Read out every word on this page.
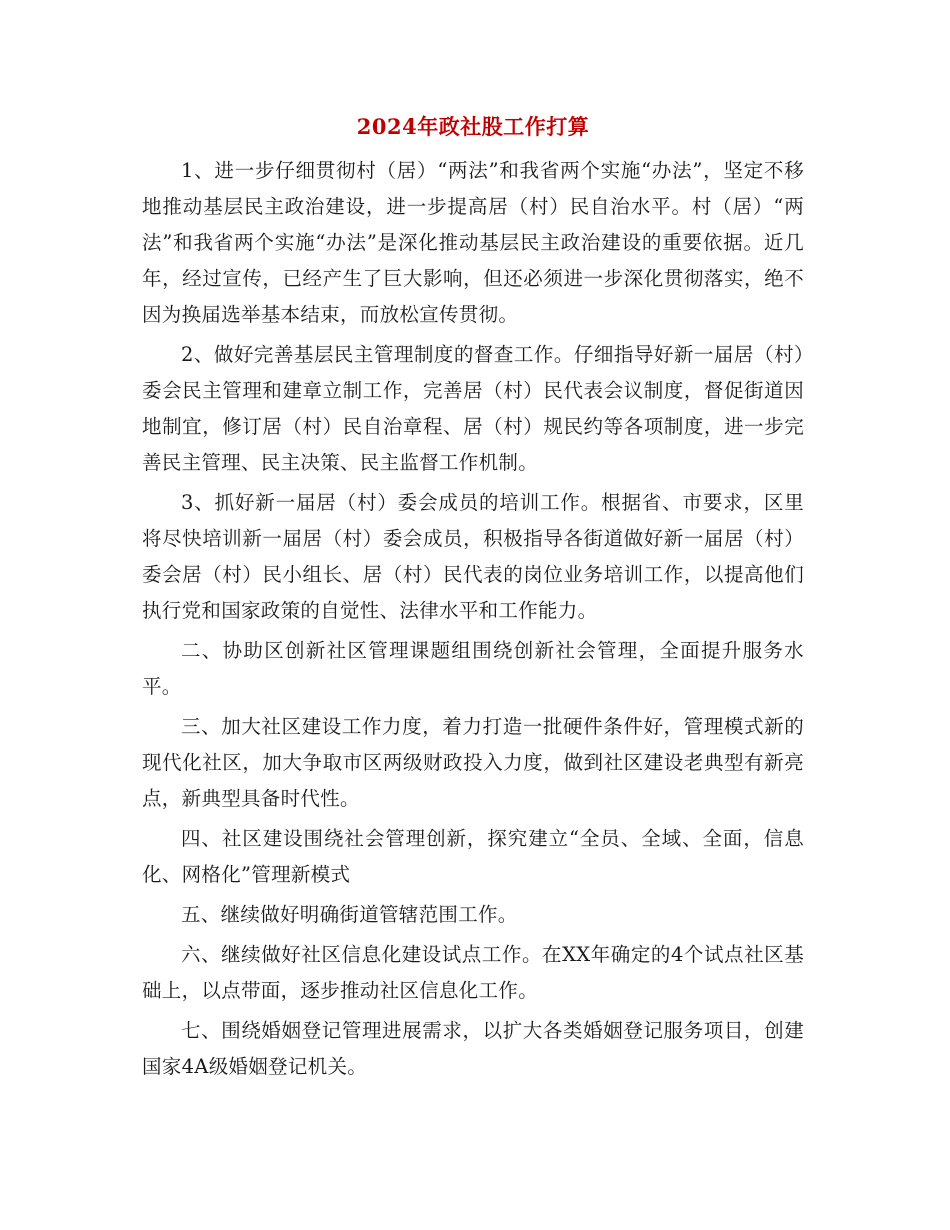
2024年政社股工作打算

1、进一步仔细贯彻村（居）“两法”和我省两个实施“办法”，坚定不移地推动基层民主政治建设，进一步提高居（村）民自治水平。村（居）“两法”和我省两个实施“办法”是深化推动基层民主政治建设的重要依据。近几年，经过宣传，已经产生了巨大影响，但还必须进一步深化贯彻落实，绝不因为换届选举基本结束，而放松宣传贯彻。

2、做好完善基层民主管理制度的督查工作。仔细指导好新一届居（村）委会民主管理和建章立制工作，完善居（村）民代表会议制度，督促街道因地制宜，修订居（村）民自治章程、居（村）规民约等各项制度，进一步完善民主管理、民主决策、民主监督工作机制。

3、抓好新一届居（村）委会成员的培训工作。根据省、市要求，区里将尽快培训新一届居（村）委会成员，积极指导各街道做好新一届居（村）委会居（村）民小组长、居（村）民代表的岗位业务培训工作，以提高他们执行党和国家政策的自觉性、法律水平和工作能力。

二、协助区创新社区管理课题组围绕创新社会管理，全面提升服务水平。

三、加大社区建设工作力度，着力打造一批硬件条件好，管理模式新的现代化社区，加大争取市区两级财政投入力度，做到社区建设老典型有新亮点，新典型具备时代性。

四、社区建设围绕社会管理创新，探究建立“全员、全域、全面，信息化、网格化”管理新模式

五、继续做好明确街道管辖范围工作。

六、继续做好社区信息化建设试点工作。在XX年确定的4个试点社区基础上，以点带面，逐步推动社区信息化工作。

七、围绕婚姻登记管理进展需求，以扩大各类婚姻登记服务项目，创建国家4A级婚姻登记机关。
